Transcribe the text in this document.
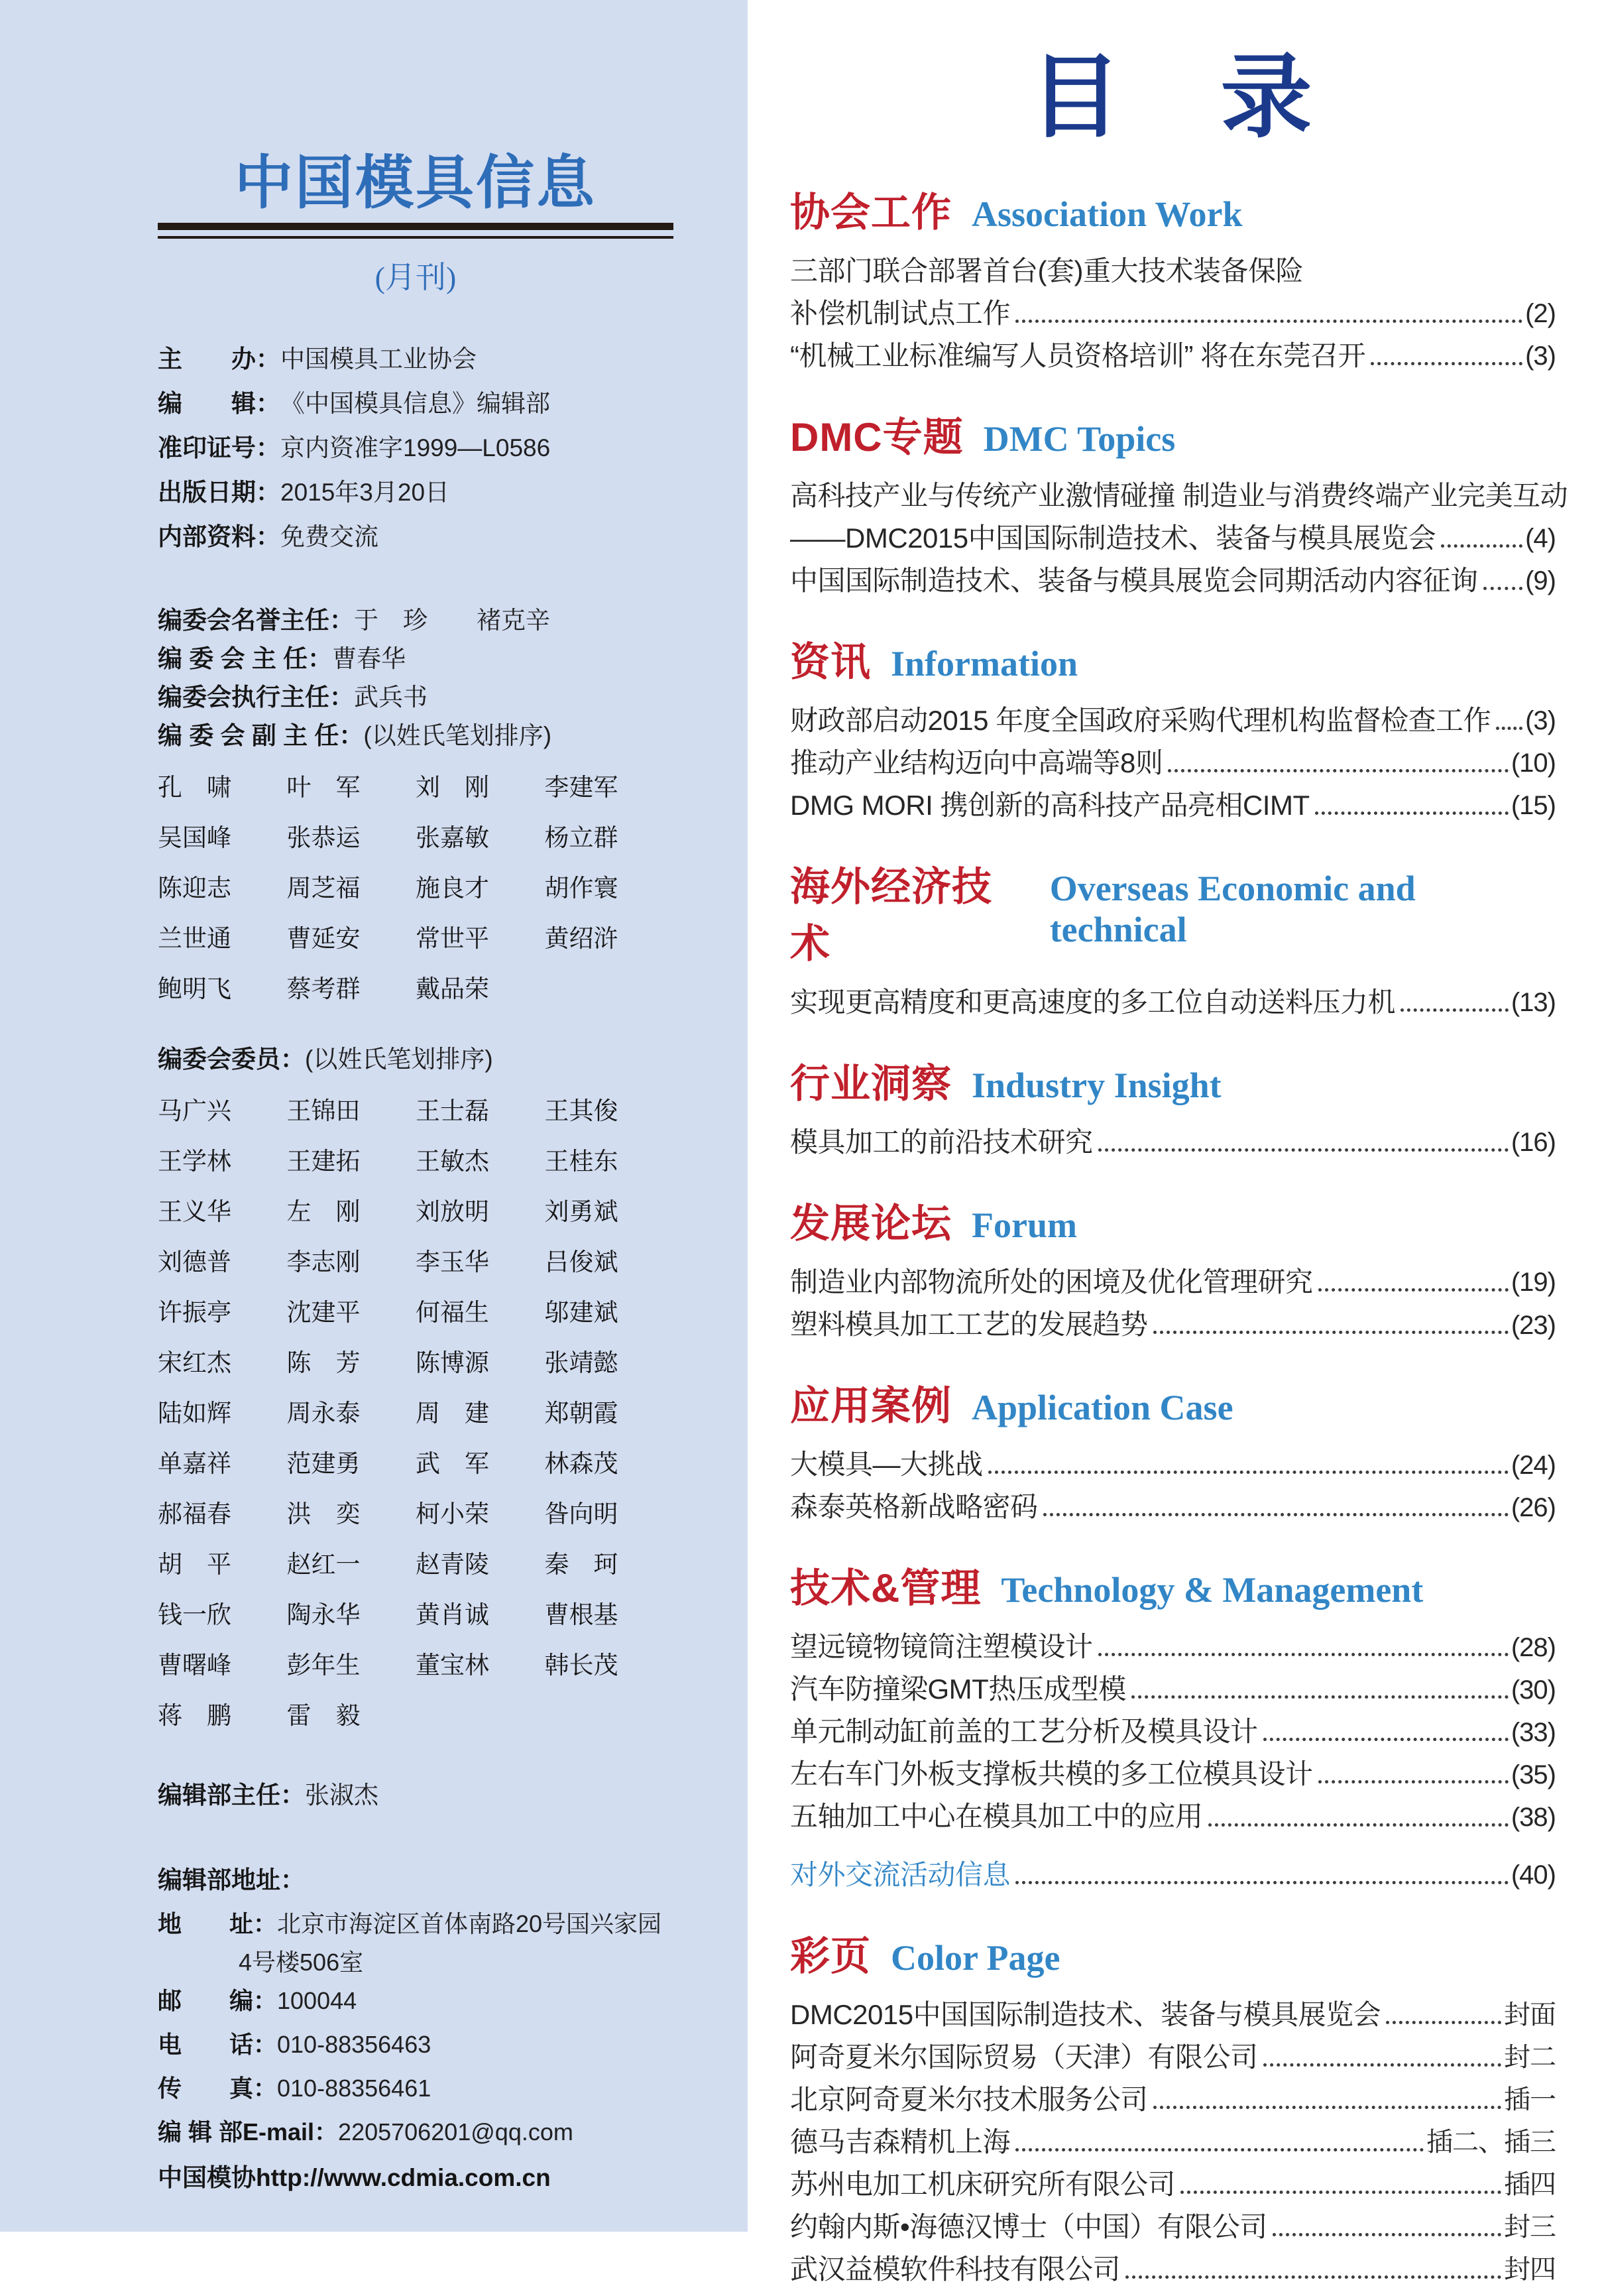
中国模具信息
(月刊)
主　　办： 中国模具工业协会
编　　辑： 《中国模具信息》编辑部
准印证号： 京内资准字1999—L0586
出版日期： 2015年3月20日
内部资料： 免费交流
编委会名誉主任： 于　珍　　褚克辛
编 委 会 主 任： 曹春华
编委会执行主任： 武兵书
编 委 会 副 主 任： (以姓氏笔划排序)
孔　啸	叶　军	刘　刚	李建军
吴国峰	张恭运	张嘉敏	杨立群
陈迎志	周芝福	施良才	胡作寰
兰世通	曹延安	常世平	黄绍浒
鲍明飞	蔡考群	戴品荣
编委会委员： (以姓氏笔划排序)
马广兴	王锦田	王士磊	王其俊
王学林	王建拓	王敏杰	王桂东
王义华	左　刚	刘放明	刘勇斌
刘德普	李志刚	李玉华	吕俊斌
许振亭	沈建平	何福生	邬建斌
宋红杰	陈　芳	陈博源	张靖懿
陆如辉	周永泰	周　建	郑朝霞
单嘉祥	范建勇	武　军	林森茂
郝福春	洪　奕	柯小荣	昝向明
胡　平	赵红一	赵青陵	秦　珂
钱一欣	陶永华	黄肖诚	曹根基
曹曙峰	彭年生	董宝林	韩长茂
蒋　鹏	雷　毅
编辑部主任： 张淑杰
编辑部地址：
地　　址： 北京市海淀区首体南路20号国兴家园
4号楼506室
邮　　编： 100044
电　　话： 010-88356463
传　　真： 010-88356461
编 辑 部E-mail： 2205706201@qq.com
中国模协http://www.cdmia.com.cn
目　录
协会工作 Association Work
三部门联合部署首台(套)重大技术装备保险
补偿机制试点工作	(2)
“机械工业标准编写人员资格培训” 将在东莞召开	(3)
DMC专题 DMC Topics
高科技产业与传统产业激情碰撞 制造业与消费终端产业完美互动
——DMC2015中国国际制造技术、装备与模具展览会	(4)
中国国际制造技术、装备与模具展览会同期活动内容征询 (9)
资讯 Information
财政部启动2015 年度全国政府采购代理机构监督检查工作 (3)
推动产业结构迈向中高端等8则	(10)
DMG MORI 携创新的高科技产品亮相CIMT	(15)
海外经济技术
Overseas Economic and technical
实现更高精度和更高速度的多工位自动送料压力机	(13)
行业洞察 Industry Insight
模具加工的前沿技术研究	(16)
发展论坛 Forum
制造业内部物流所处的困境及优化管理研究	(19)
塑料模具加工工艺的发展趋势	(23)
应用案例 Application Case
大模具—大挑战	(24)
森泰英格新战略密码	(26)
技术&管理 Technology & Management
望远镜物镜筒注塑模设计	(28)
汽车防撞梁GMT热压成型模	(30)
单元制动缸前盖的工艺分析及模具设计	(33)
左右车门外板支撑板共模的多工位模具设计	(35)
五轴加工中心在模具加工中的应用	(38)
对外交流活动信息	(40)
彩页 Color Page
DMC2015中国国际制造技术、装备与模具展览会	封面
阿奇夏米尔国际贸易（天津）有限公司	封二
北京阿奇夏米尔技术服务公司	插一
德马吉森精机上海	插二、插三
苏州电加工机床研究所有限公司	插四
约翰内斯•海德汉博士（中国）有限公司	封三
武汉益模软件科技有限公司	封四
